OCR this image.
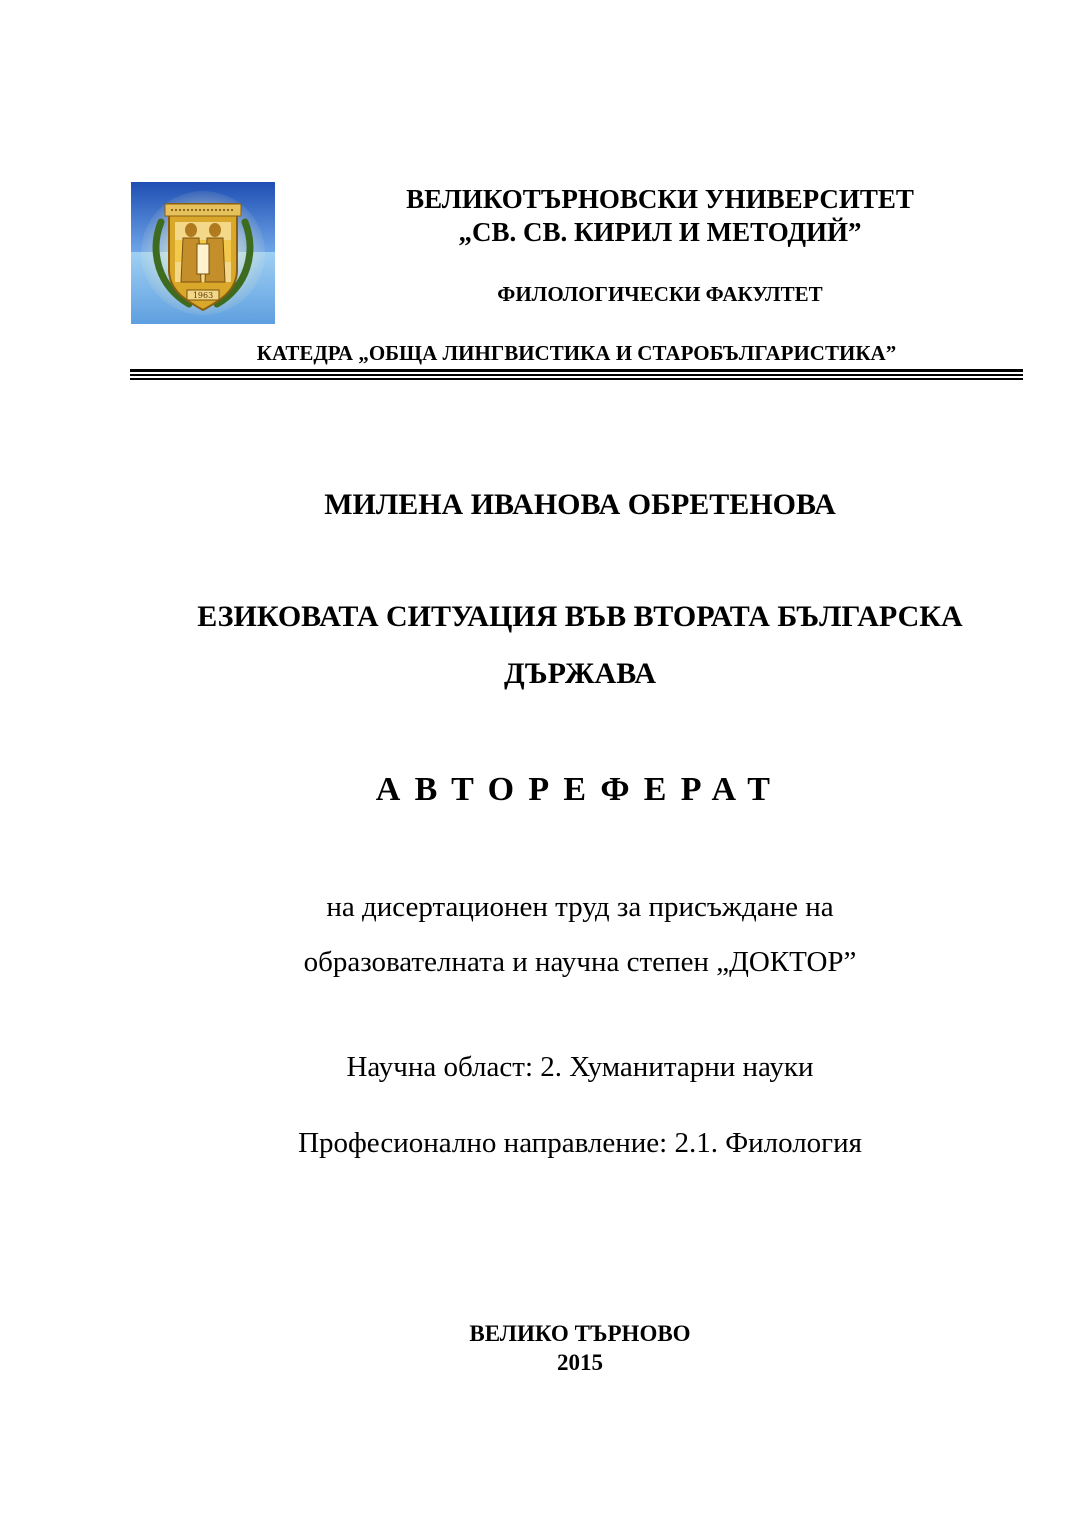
1963
ВЕЛИКОТЪРНОВСКИ УНИВЕРСИТЕТ
„СВ. СВ. КИРИЛ И МЕТОДИЙ”
ФИЛОЛОГИЧЕСКИ ФАКУЛТЕТ
КАТЕДРА „ОБЩА ЛИНГВИСТИКА И СТАРОБЪЛГАРИСТИКА”
МИЛЕНА ИВАНОВА ОБРЕТЕНОВА
ЕЗИКОВАТА СИТУАЦИЯ ВЪВ ВТОРАТА БЪЛГАРСКА
ДЪРЖАВА
АВТОРЕФЕРАТ
на дисертационен труд за присъждане на
образователната и научна степен „ДОКТОР”
Научна област: 2. Хуманитарни науки
Професионално направление: 2.1. Филология
ВЕЛИКО ТЪРНОВО
2015
